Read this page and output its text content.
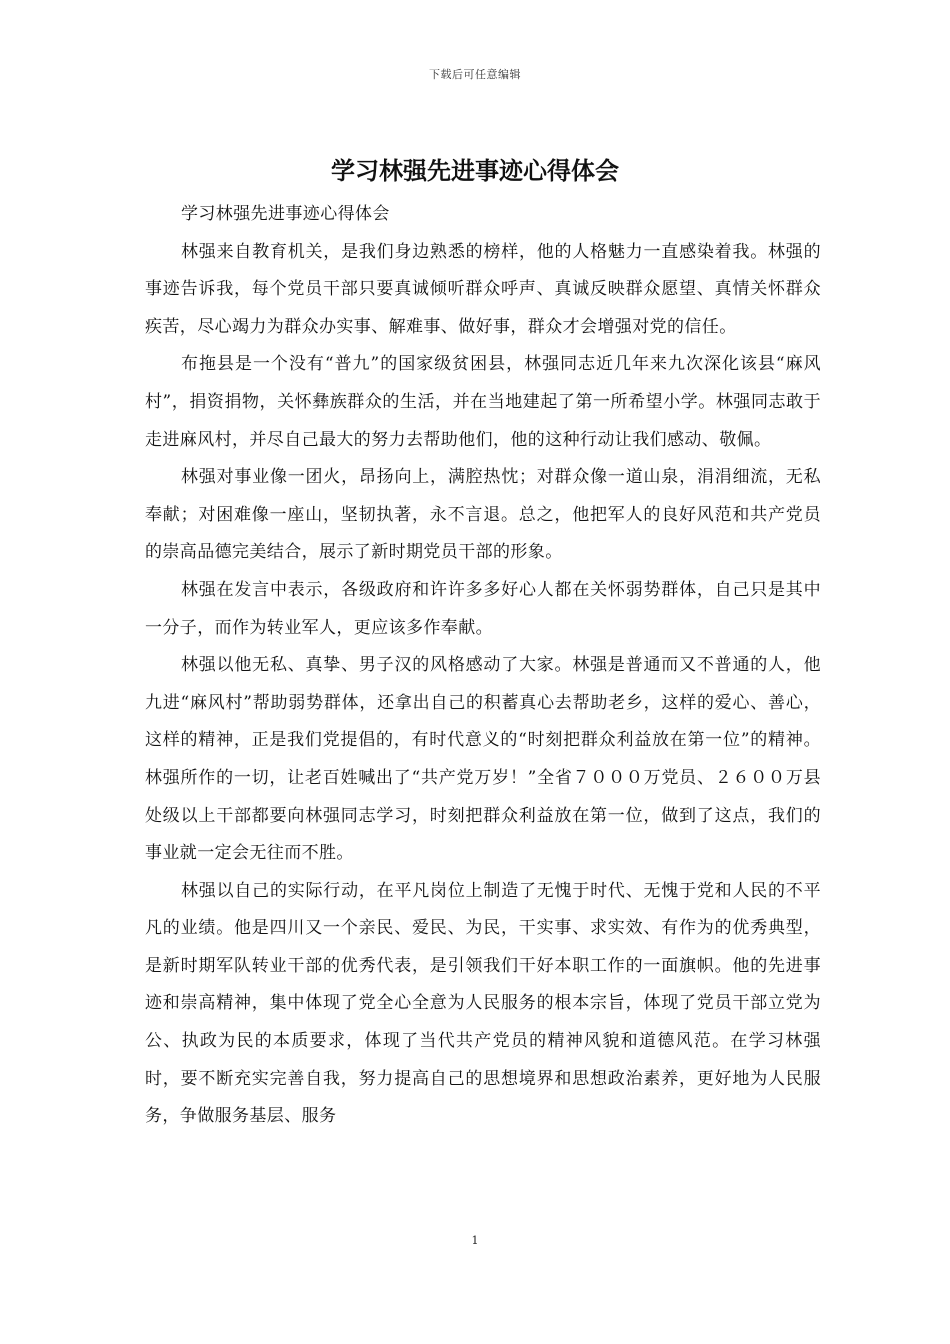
下载后可任意编辑
学习林强先进事迹心得体会

学习林强先进事迹心得体会

林强来自教育机关，是我们身边熟悉的榜样，他的人格魅力一直感染着我。林强的事迹告诉我，每个党员干部只要真诚倾听群众呼声、真诚反映群众愿望、真情关怀群众疾苦，尽心竭力为群众办实事、解难事、做好事，群众才会增强对党的信任。

布拖县是一个没有“普九”的国家级贫困县，林强同志近几年来九次深化该县“麻风村”，捐资捐物，关怀彝族群众的生活，并在当地建起了第一所希望小学。林强同志敢于走进麻风村，并尽自己最大的努力去帮助他们，他的这种行动让我们感动、敬佩。

林强对事业像一团火，昂扬向上，满腔热忱；对群众像一道山泉，涓涓细流，无私奉献；对困难像一座山，坚韧执著，永不言退。总之，他把军人的良好风范和共产党员的崇高品德完美结合，展示了新时期党员干部的形象。

林强在发言中表示，各级政府和许许多多好心人都在关怀弱势群体，自己只是其中一分子，而作为转业军人，更应该多作奉献。

林强以他无私、真挚、男子汉的风格感动了大家。林强是普通而又不普通的人，他九进“麻风村”帮助弱势群体，还拿出自己的积蓄真心去帮助老乡，这样的爱心、善心，这样的精神，正是我们党提倡的，有时代意义的“时刻把群众利益放在第一位”的精神。林强所作的一切，让老百姓喊出了“共产党万岁！”全省７０００万党员、２６００万县处级以上干部都要向林强同志学习，时刻把群众利益放在第一位，做到了这点，我们的事业就一定会无往而不胜。

林强以自己的实际行动，在平凡岗位上制造了无愧于时代、无愧于党和人民的不平凡的业绩。他是四川又一个亲民、爱民、为民，干实事、求实效、有作为的优秀典型，是新时期军队转业干部的优秀代表，是引领我们干好本职工作的一面旗帜。他的先进事迹和崇高精神，集中体现了党全心全意为人民服务的根本宗旨，体现了党员干部立党为公、执政为民的本质要求，体现了当代共产党员的精神风貌和道德风范。在学习林强时，要不断充实完善自我，努力提高自己的思想境界和思想政治素养，更好地为人民服务，争做服务基层、服务

1
